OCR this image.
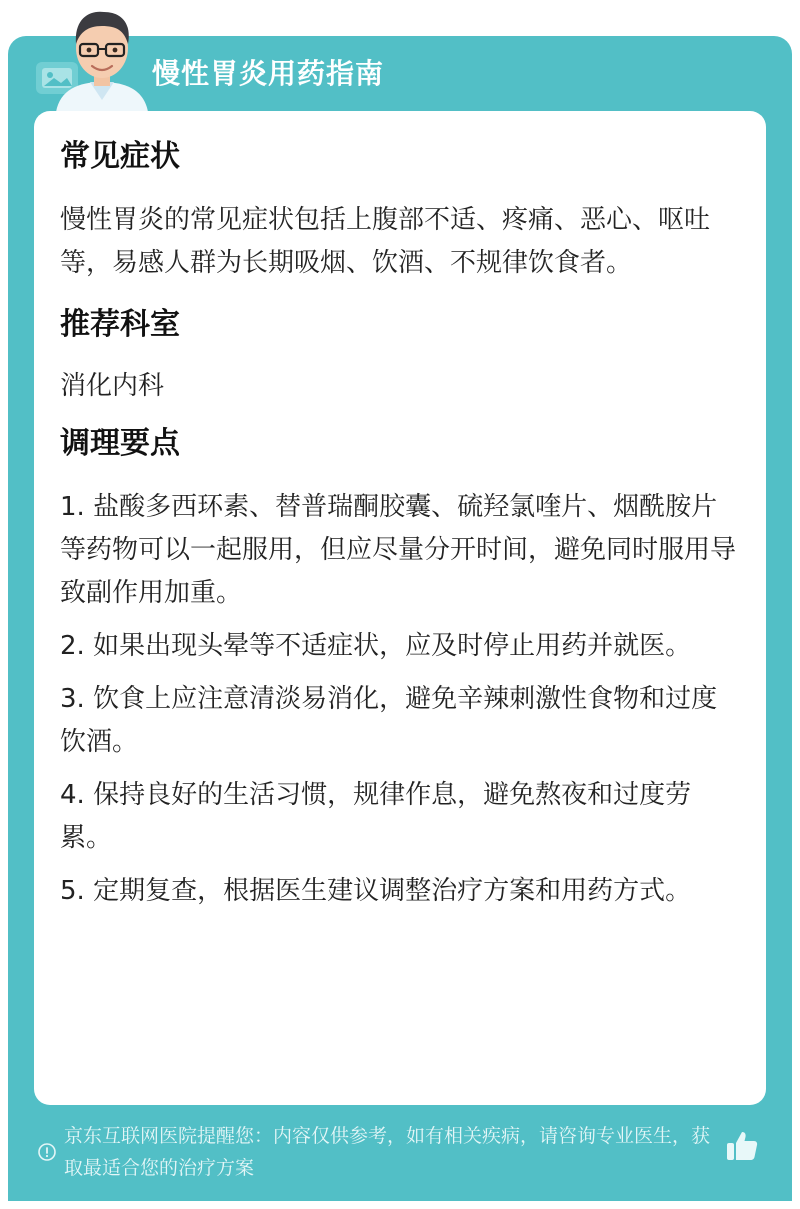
慢性胃炎用药指南
常见症状

慢性胃炎的常见症状包括上腹部不适、疼痛、恶心、呕吐等，易感人群为长期吸烟、饮酒、不规律饮食者。

推荐科室

消化内科

调理要点

1. 盐酸多西环素、替普瑞酮胶囊、硫羟氯喹片、烟酰胺片等药物可以一起服用，但应尽量分开时间，避免同时服用导致副作用加重。

2. 如果出现头晕等不适症状，应及时停止用药并就医。

3. 饮食上应注意清淡易消化，避免辛辣刺激性食物和过度饮酒。

4. 保持良好的生活习惯，规律作息，避免熬夜和过度劳累。

5. 定期复查，根据医生建议调整治疗方案和用药方式。

京东互联网医院提醒您：内容仅供参考，如有相关疾病，请咨询专业医生，获取最适合您的治疗方案
